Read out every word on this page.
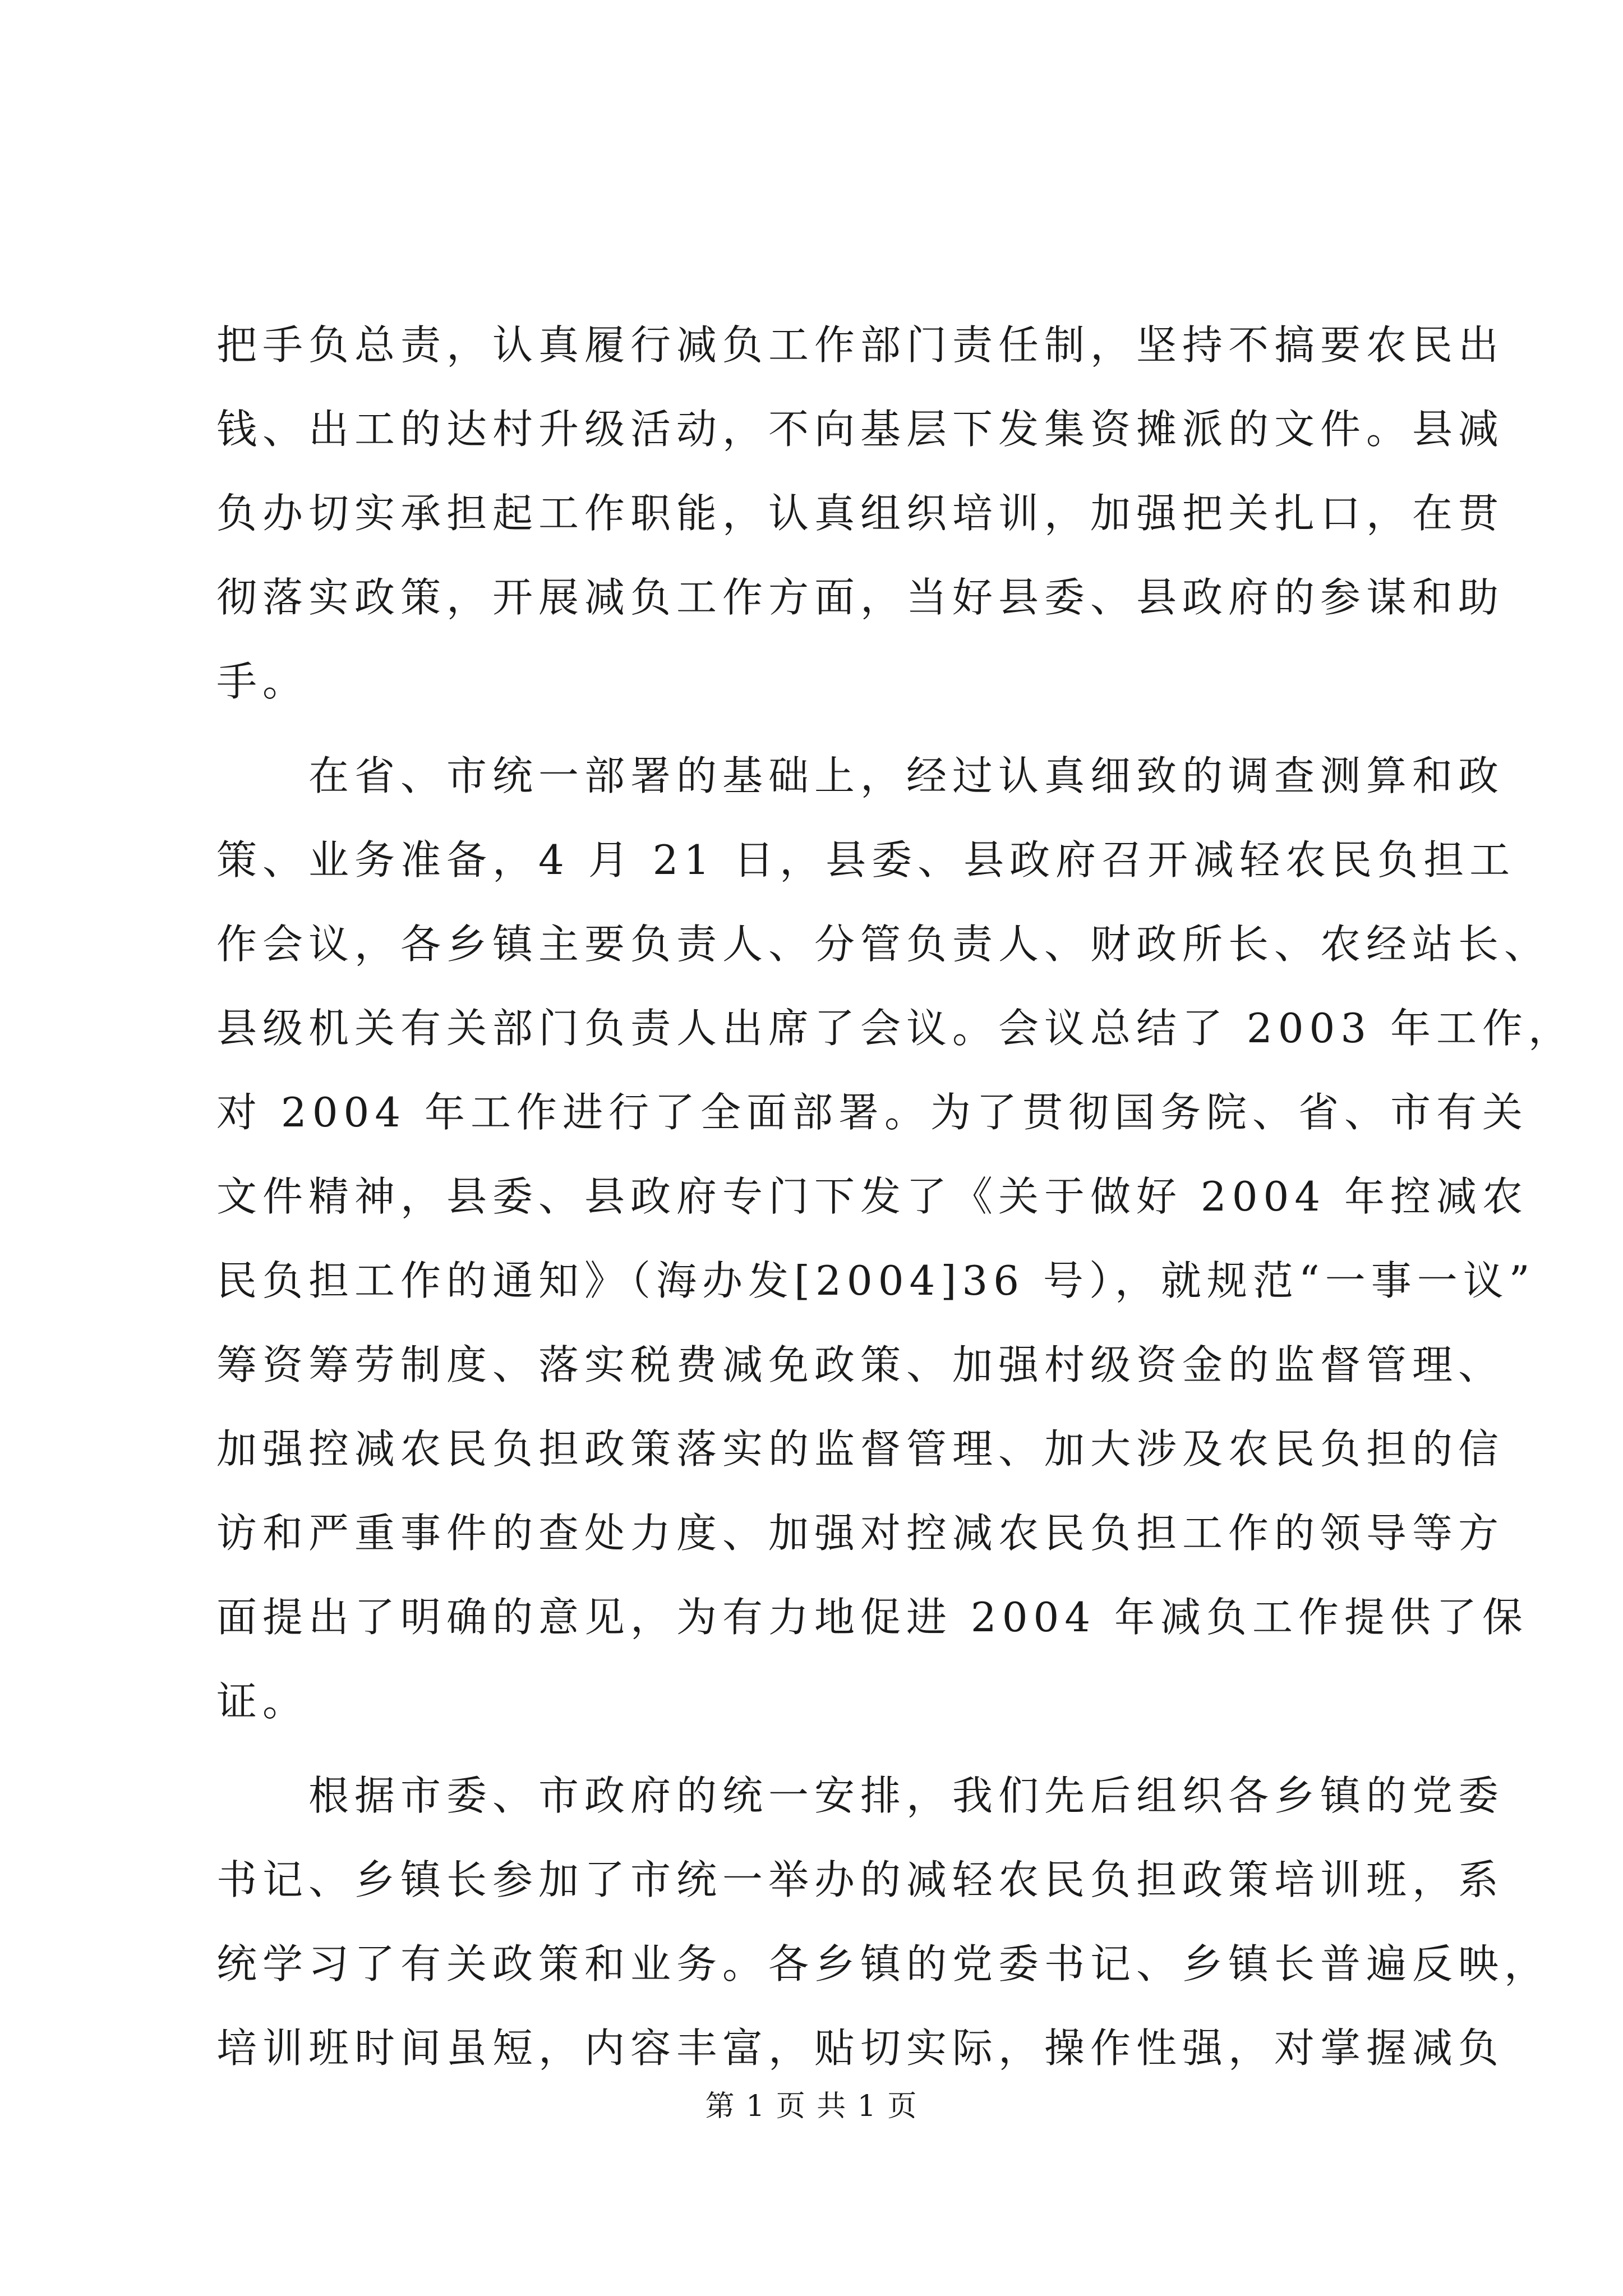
把手负总责，认真履行减负工作部门责任制，坚持不搞要农民出
钱、出工的达村升级活动，不向基层下发集资摊派的文件。县减
负办切实承担起工作职能，认真组织培训，加强把关扎口，在贯
彻落实政策，开展减负工作方面，当好县委、县政府的参谋和助
手。
　　在省、市统一部署的基础上，经过认真细致的调查测算和政
策、业务准备，4 月 21 日，县委、县政府召开减轻农民负担工
作会议，各乡镇主要负责人、分管负责人、财政所长、农经站长、
县级机关有关部门负责人出席了会议。会议总结了 2003 年工作，
对 2004 年工作进行了全面部署。为了贯彻国务院、省、市有关
文件精神，县委、县政府专门下发了《关于做好 2004 年控减农
民负担工作的通知》（海办发[2004]36 号），就规范“一事一议”
筹资筹劳制度、落实税费减免政策、加强村级资金的监督管理、
加强控减农民负担政策落实的监督管理、加大涉及农民负担的信
访和严重事件的查处力度、加强对控减农民负担工作的领导等方
面提出了明确的意见，为有力地促进 2004 年减负工作提供了保
证。
　　根据市委、市政府的统一安排，我们先后组织各乡镇的党委
书记、乡镇长参加了市统一举办的减轻农民负担政策培训班，系
统学习了有关政策和业务。各乡镇的党委书记、乡镇长普遍反映，
培训班时间虽短，内容丰富，贴切实际，操作性强，对掌握减负
第 1 页 共 1 页
